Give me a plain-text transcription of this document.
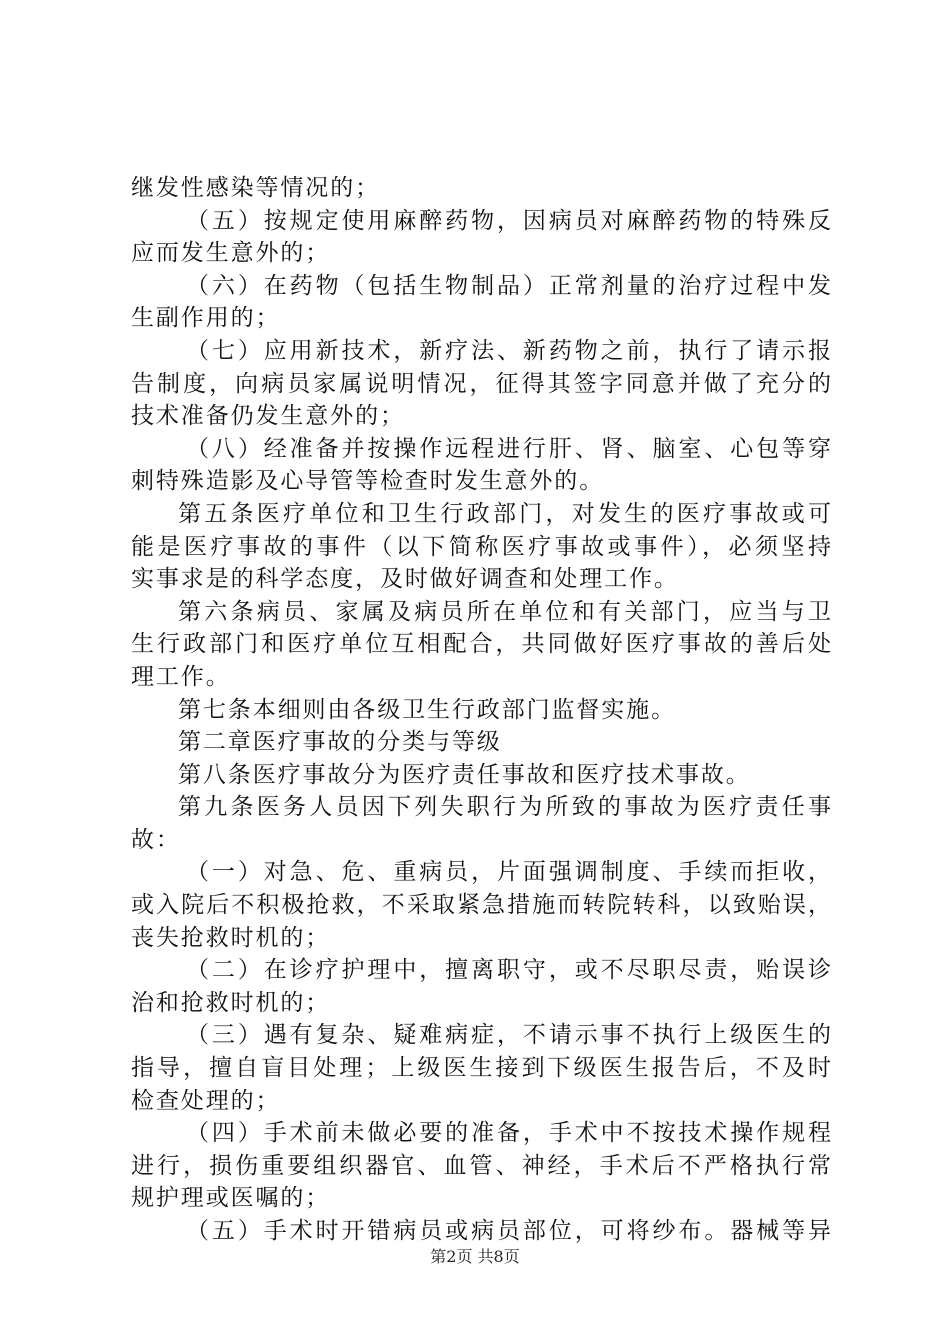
继发性感染等情况的；
（五）按规定使用麻醉药物，因病员对麻醉药物的特殊反
应而发生意外的；
（六）在药物（包括生物制品）正常剂量的治疗过程中发
生副作用的；
（七）应用新技术，新疗法、新药物之前，执行了请示报
告制度，向病员家属说明情况，征得其签字同意并做了充分的
技术准备仍发生意外的；
（八）经准备并按操作远程进行肝、肾、脑室、心包等穿
刺特殊造影及心导管等检查时发生意外的。
第五条医疗单位和卫生行政部门，对发生的医疗事故或可
能是医疗事故的事件（以下简称医疗事故或事件），必须坚持
实事求是的科学态度，及时做好调查和处理工作。
第六条病员、家属及病员所在单位和有关部门，应当与卫
生行政部门和医疗单位互相配合，共同做好医疗事故的善后处
理工作。
第七条本细则由各级卫生行政部门监督实施。
第二章医疗事故的分类与等级
第八条医疗事故分为医疗责任事故和医疗技术事故。
第九条医务人员因下列失职行为所致的事故为医疗责任事
故：
（一）对急、危、重病员，片面强调制度、手续而拒收，
或入院后不积极抢救，不采取紧急措施而转院转科，以致贻误，
丧失抢救时机的；
（二）在诊疗护理中，擅离职守，或不尽职尽责，贻误诊
治和抢救时机的；
（三）遇有复杂、疑难病症，不请示事不执行上级医生的
指导，擅自盲目处理；上级医生接到下级医生报告后，不及时
检查处理的；
（四）手术前未做必要的准备，手术中不按技术操作规程
进行，损伤重要组织器官、血管、神经，手术后不严格执行常
规护理或医嘱的；
（五）手术时开错病员或病员部位，可将纱布。器械等异
第2页 共8页
